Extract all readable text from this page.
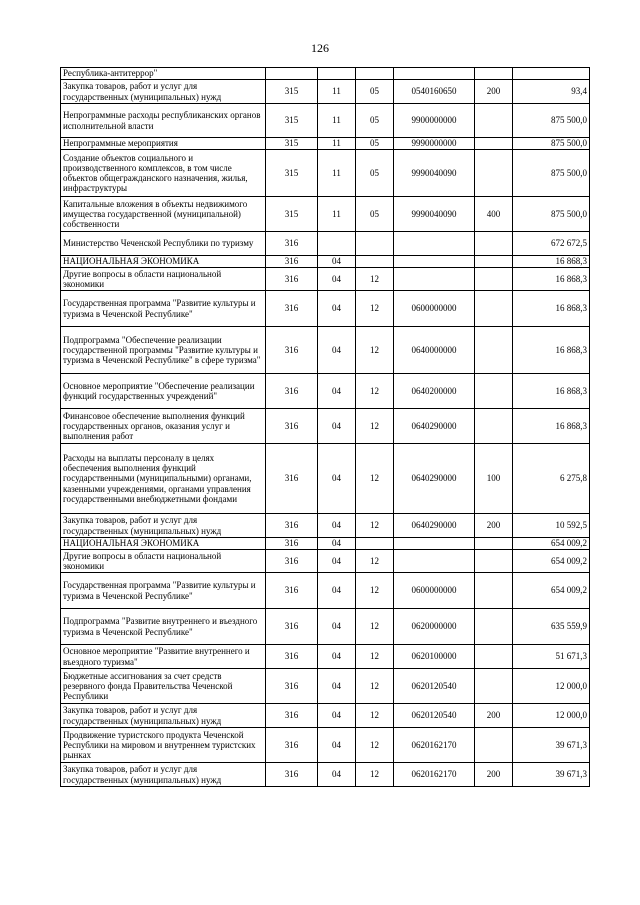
126
Республика-антитеррор"						
Закупка товаров, работ и услуг для государственных (муниципальных) нужд	315	11	05	0540160650	200	93,4
Непрограммные расходы республиканских органов исполнительной власти	315	11	05	9900000000		875 500,0
Непрограммные мероприятия	315	11	05	9990000000		875 500,0
Создание объектов социального и производственного комплексов, в том числе объектов общегражданского назначения, жилья, инфраструктуры	315	11	05	9990040090		875 500,0
Капитальные вложения в объекты недвижимого имущества государственной (муниципальной) собственности	315	11	05	9990040090	400	875 500,0
Министерство Чеченской Республики по туризму	316					672 672,5
НАЦИОНАЛЬНАЯ ЭКОНОМИКА	316	04				16 868,3
Другие вопросы в области национальной экономики	316	04	12			16 868,3
Государственная программа "Развитие культуры и туризма в Чеченской Республике"	316	04	12	0600000000		16 868,3
Подпрограмма "Обеспечение реализации государственной программы "Развитие культуры и туризма в Чеченской Республике" в сфере туризма"	316	04	12	0640000000		16 868,3
Основное мероприятие "Обеспечение реализации функций государственных учреждений"	316	04	12	0640200000		16 868,3
Финансовое обеспечение выполнения функций государственных органов, оказания услуг и выполнения работ	316	04	12	0640290000		16 868,3
Расходы на выплаты персоналу в целях обеспечения выполнения функций государственными (муниципальными) органами, казенными учреждениями, органами управления государственными внебюджетными фондами	316	04	12	0640290000	100	6 275,8
Закупка товаров, работ и услуг для государственных (муниципальных) нужд	316	04	12	0640290000	200	10 592,5
НАЦИОНАЛЬНАЯ ЭКОНОМИКА	316	04				654 009,2
Другие вопросы в области национальной экономики	316	04	12			654 009,2
Государственная программа "Развитие культуры и туризма в Чеченской Республике"	316	04	12	0600000000		654 009,2
Подпрограмма "Развитие внутреннего и въездного туризма в Чеченской Республике"	316	04	12	0620000000		635 559,9
Основное мероприятие "Развитие внутреннего и въездного туризма"	316	04	12	0620100000		51 671,3
Бюджетные ассигнования за счет средств резервного фонда Правительства Чеченской Республики	316	04	12	0620120540		12 000,0
Закупка товаров, работ и услуг для государственных (муниципальных) нужд	316	04	12	0620120540	200	12 000,0
Продвижение туристского продукта Чеченской Республики на мировом и внутреннем туристских рынках	316	04	12	0620162170		39 671,3
Закупка товаров, работ и услуг для государственных (муниципальных) нужд	316	04	12	0620162170	200	39 671,3
